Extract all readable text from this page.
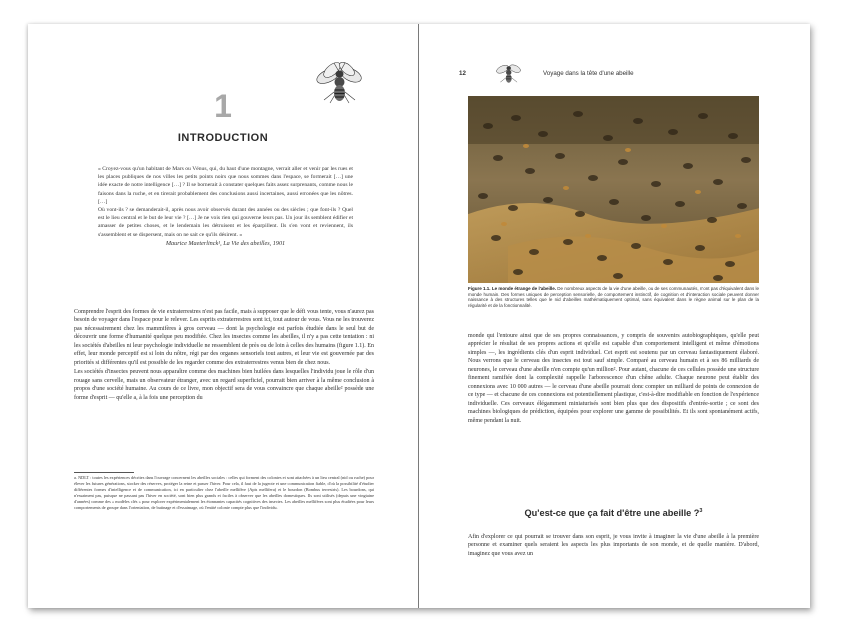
1
INTRODUCTION

« Croyez-vous qu'un habitant de Mars ou Vénus, qui, du haut d'une montagne, verrait aller et venir par les rues et les places publiques de nos villes les petits points noirs que nous sommes dans l'espace, se formerait […] une idée exacte de notre intelligence […] ? Il se bornerait à constater quelques faits assez surprenants, comme nous le faisons dans la ruche, et en tirerait probablement des conclusions aussi incertaines, aussi erronées que les nôtres. […]

Où vont-ils ? se demanderait-il, après nous avoir observés durant des années ou des siècles ; que font-ils ? Quel est le lieu central et le but de leur vie ? […] Je ne vois rien qui gouverne leurs pas. Un jour ils semblent édifier et amasser de petites choses, et le lendemain les détruisent et les éparpillent. Ils s'en vont et reviennent, ils s'assemblent et se dispersent, mais on ne sait ce qu'ils désirent. »

Maurice Maeterlinck¹, La Vie des abeilles, 1901

Comprendre l'esprit des formes de vie extraterrestres n'est pas facile, mais à supposer que le défi vous tente, vous n'aurez pas besoin de voyager dans l'espace pour le relever. Les esprits extraterrestres sont ici, tout autour de vous. Vous ne les trouverez pas nécessairement chez les mammifères à gros cerveau — dont la psychologie est parfois étudiée dans le seul but de découvrir une forme d'humanité quelque peu modifiée. Chez les insectes comme les abeilles, il n'y a pas cette tentation : ni les sociétés d'abeilles ni leur psychologie individuelle ne ressemblent de près ou de loin à celles des humains (figure 1.1). En effet, leur monde perceptif est si loin du nôtre, régi par des organes sensoriels tout autres, et leur vie est gouvernée par des priorités si différentes qu'il est possible de les regarder comme des extraterrestres venus bien de chez nous.

Les sociétés d'insectes peuvent nous apparaître comme des machines bien huilées dans lesquelles l'individu joue le rôle d'un rouage sans cervelle, mais un observateur étranger, avec un regard superficiel, pourrait bien arriver à la même conclusion à propos d'une société humaine. Au cours de ce livre, mon objectif sera de vous convaincre que chaque abeille² possède une forme d'esprit — qu'elle a, à la fois une perception du

a. NDLT : toutes les expériences décrites dans l'ouvrage concernent les abeilles sociales : celles qui forment des colonies et sont attachées à un lieu central (nid ou ruche) pour élever les futures générations, stocker des réserves, protéger la reine et passer l'hiver. Pour cela, il faut de la jugeote et une communication fiable, d'où la possibilité d'étudier différentes formes d'intelligence et de communication, ici en particulier chez l'abeille mellifère (Apis mellifera) et le bourdon (Bombus terrestris). Les bourdons, qui n'essaiment pas, puisque ne passant pas l'hiver en société, sont bien plus grands et faciles à observer que les abeilles domestiques. Ils sont utilisés (depuis une vingtaine d'années) comme des « modèles clés » pour explorer expérimentalement les étonnantes capacités cognitives des insectes. Les abeilles mellifères sont plus étudiées pour leurs comportements de groupe dans l'orientation, de butinage et d'essaimage, où l'entité colonie compte plus que l'individu.
12	Voyage dans la tête d'une abeille
Figure 1.1. Le monde étrange de l'abeille. De nombreux aspects de la vie d'une abeille, ou de ses communautés, n'ont pas d'équivalent dans le monde humain. Des formes uniques de perception sensorielle, de comportement instinctif, de cognition et d'interaction sociale peuvent donner naissance à des structures telles que le nid d'abeilles mathématiquement optimal, sans équivalent dans le règne animal sur le plan de la régularité et de la fonctionnalité.

monde qui l'entoure ainsi que de ses propres connaissances, y compris de souvenirs autobiographiques, qu'elle peut apprécier le résultat de ses propres actions et qu'elle est capable d'un comportement intelligent et même d'émotions simples —, les ingrédients clés d'un esprit individuel. Cet esprit est soutenu par un cerveau fantastiquement élaboré. Nous verrons que le cerveau des insectes est tout sauf simple. Comparé au cerveau humain et à ses 86 milliards de neurones, le cerveau d'une abeille n'en compte qu'un million². Pour autant, chacune de ces cellules possède une structure finement ramifiée dont la complexité rappelle l'arborescence d'un chêne adulte. Chaque neurone peut établir des connexions avec 10 000 autres — le cerveau d'une abeille pourrait donc compter un milliard de points de connexion de ce type — et chacune de ces connexions est potentiellement plastique, c'est-à-dire modifiable en fonction de l'expérience individuelle. Ces cerveaux élégamment miniaturisés sont bien plus que des dispositifs d'entrée-sortie ; ce sont des machines biologiques de prédiction, équipées pour explorer une gamme de possibilités. Et ils sont spontanément actifs, même pendant la nuit.

Qu'est-ce que ça fait d'être une abeille ?$^3$

Afin d'explorer ce qui pourrait se trouver dans son esprit, je vous invite à imaginer la vie d'une abeille à la première personne et examiner quels seraient les aspects les plus importants de son monde, et de quelle manière. D'abord, imaginez que vous avez un
